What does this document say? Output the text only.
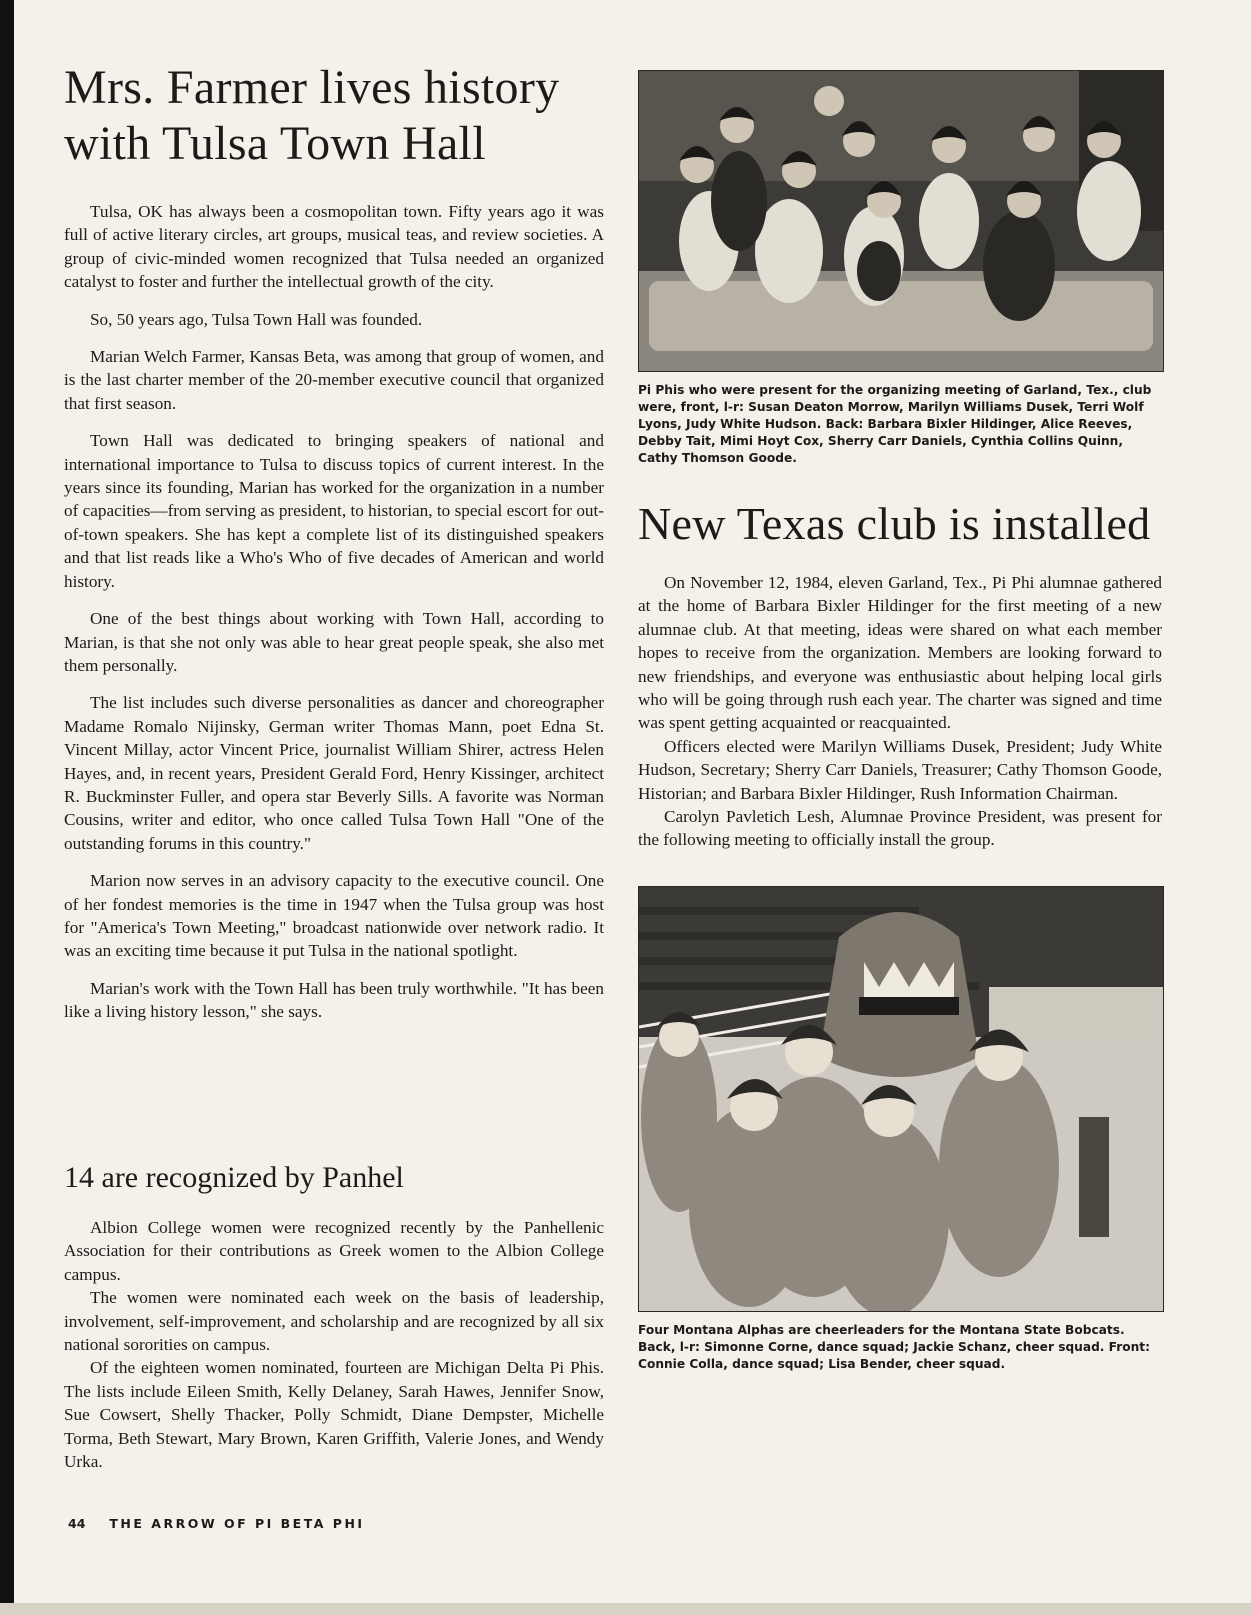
Mrs. Farmer lives history with Tulsa Town Hall

Tulsa, OK has always been a cosmopolitan town. Fifty years ago it was full of active literary circles, art groups, musical teas, and review societies. A group of civic-minded women recognized that Tulsa needed an organized catalyst to foster and further the intellectual growth of the city.

So, 50 years ago, Tulsa Town Hall was founded.

Marian Welch Farmer, Kansas Beta, was among that group of women, and is the last charter member of the 20-member executive council that organized that first season.

Town Hall was dedicated to bringing speakers of national and international importance to Tulsa to discuss topics of current interest. In the years since its founding, Marian has worked for the organization in a number of capacities—from serving as president, to historian, to special escort for out-of-town speakers. She has kept a complete list of its distinguished speakers and that list reads like a Who's Who of five decades of American and world history.

One of the best things about working with Town Hall, according to Marian, is that she not only was able to hear great people speak, she also met them personally.

The list includes such diverse personalities as dancer and choreographer Madame Romalo Nijinsky, German writer Thomas Mann, poet Edna St. Vincent Millay, actor Vincent Price, journalist William Shirer, actress Helen Hayes, and, in recent years, President Gerald Ford, Henry Kissinger, architect R. Buckminster Fuller, and opera star Beverly Sills. A favorite was Norman Cousins, writer and editor, who once called Tulsa Town Hall "One of the outstanding forums in this country."

Marion now serves in an advisory capacity to the executive council. One of her fondest memories is the time in 1947 when the Tulsa group was host for "America's Town Meeting," broadcast nationwide over network radio. It was an exciting time because it put Tulsa in the national spotlight.

Marian's work with the Town Hall has been truly worthwhile. "It has been like a living history lesson," she says.

14 are recognized by Panhel

Albion College women were recognized recently by the Panhellenic Association for their contributions as Greek women to the Albion College campus.

The women were nominated each week on the basis of leadership, involvement, self-improvement, and scholarship and are recognized by all six national sororities on campus.

Of the eighteen women nominated, fourteen are Michigan Delta Pi Phis. The lists include Eileen Smith, Kelly Delaney, Sarah Hawes, Jennifer Snow, Sue Cowsert, Shelly Thacker, Polly Schmidt, Diane Dempster, Michelle Torma, Beth Stewart, Mary Brown, Karen Griffith, Valerie Jones, and Wendy Urka.

Pi Phis who were present for the organizing meeting of Garland, Tex., club were, front, l-r: Susan Deaton Morrow, Marilyn Williams Dusek, Terri Wolf Lyons, Judy White Hudson. Back: Barbara Bixler Hildinger, Alice Reeves, Debby Tait, Mimi Hoyt Cox, Sherry Carr Daniels, Cynthia Collins Quinn, Cathy Thomson Goode.

New Texas club is installed

On November 12, 1984, eleven Garland, Tex., Pi Phi alumnae gathered at the home of Barbara Bixler Hildinger for the first meeting of a new alumnae club. At that meeting, ideas were shared on what each member hopes to receive from the organization. Members are looking forward to new friendships, and everyone was enthusiastic about helping local girls who will be going through rush each year. The charter was signed and time was spent getting acquainted or reacquainted.

Officers elected were Marilyn Williams Dusek, President; Judy White Hudson, Secretary; Sherry Carr Daniels, Treasurer; Cathy Thomson Goode, Historian; and Barbara Bixler Hildinger, Rush Information Chairman.

Carolyn Pavletich Lesh, Alumnae Province President, was present for the following meeting to officially install the group.

Four Montana Alphas are cheerleaders for the Montana State Bobcats. Back, l-r: Simonne Corne, dance squad; Jackie Schanz, cheer squad. Front: Connie Colla, dance squad; Lisa Bender, cheer squad.

44 THE ARROW OF PI BETA PHI
